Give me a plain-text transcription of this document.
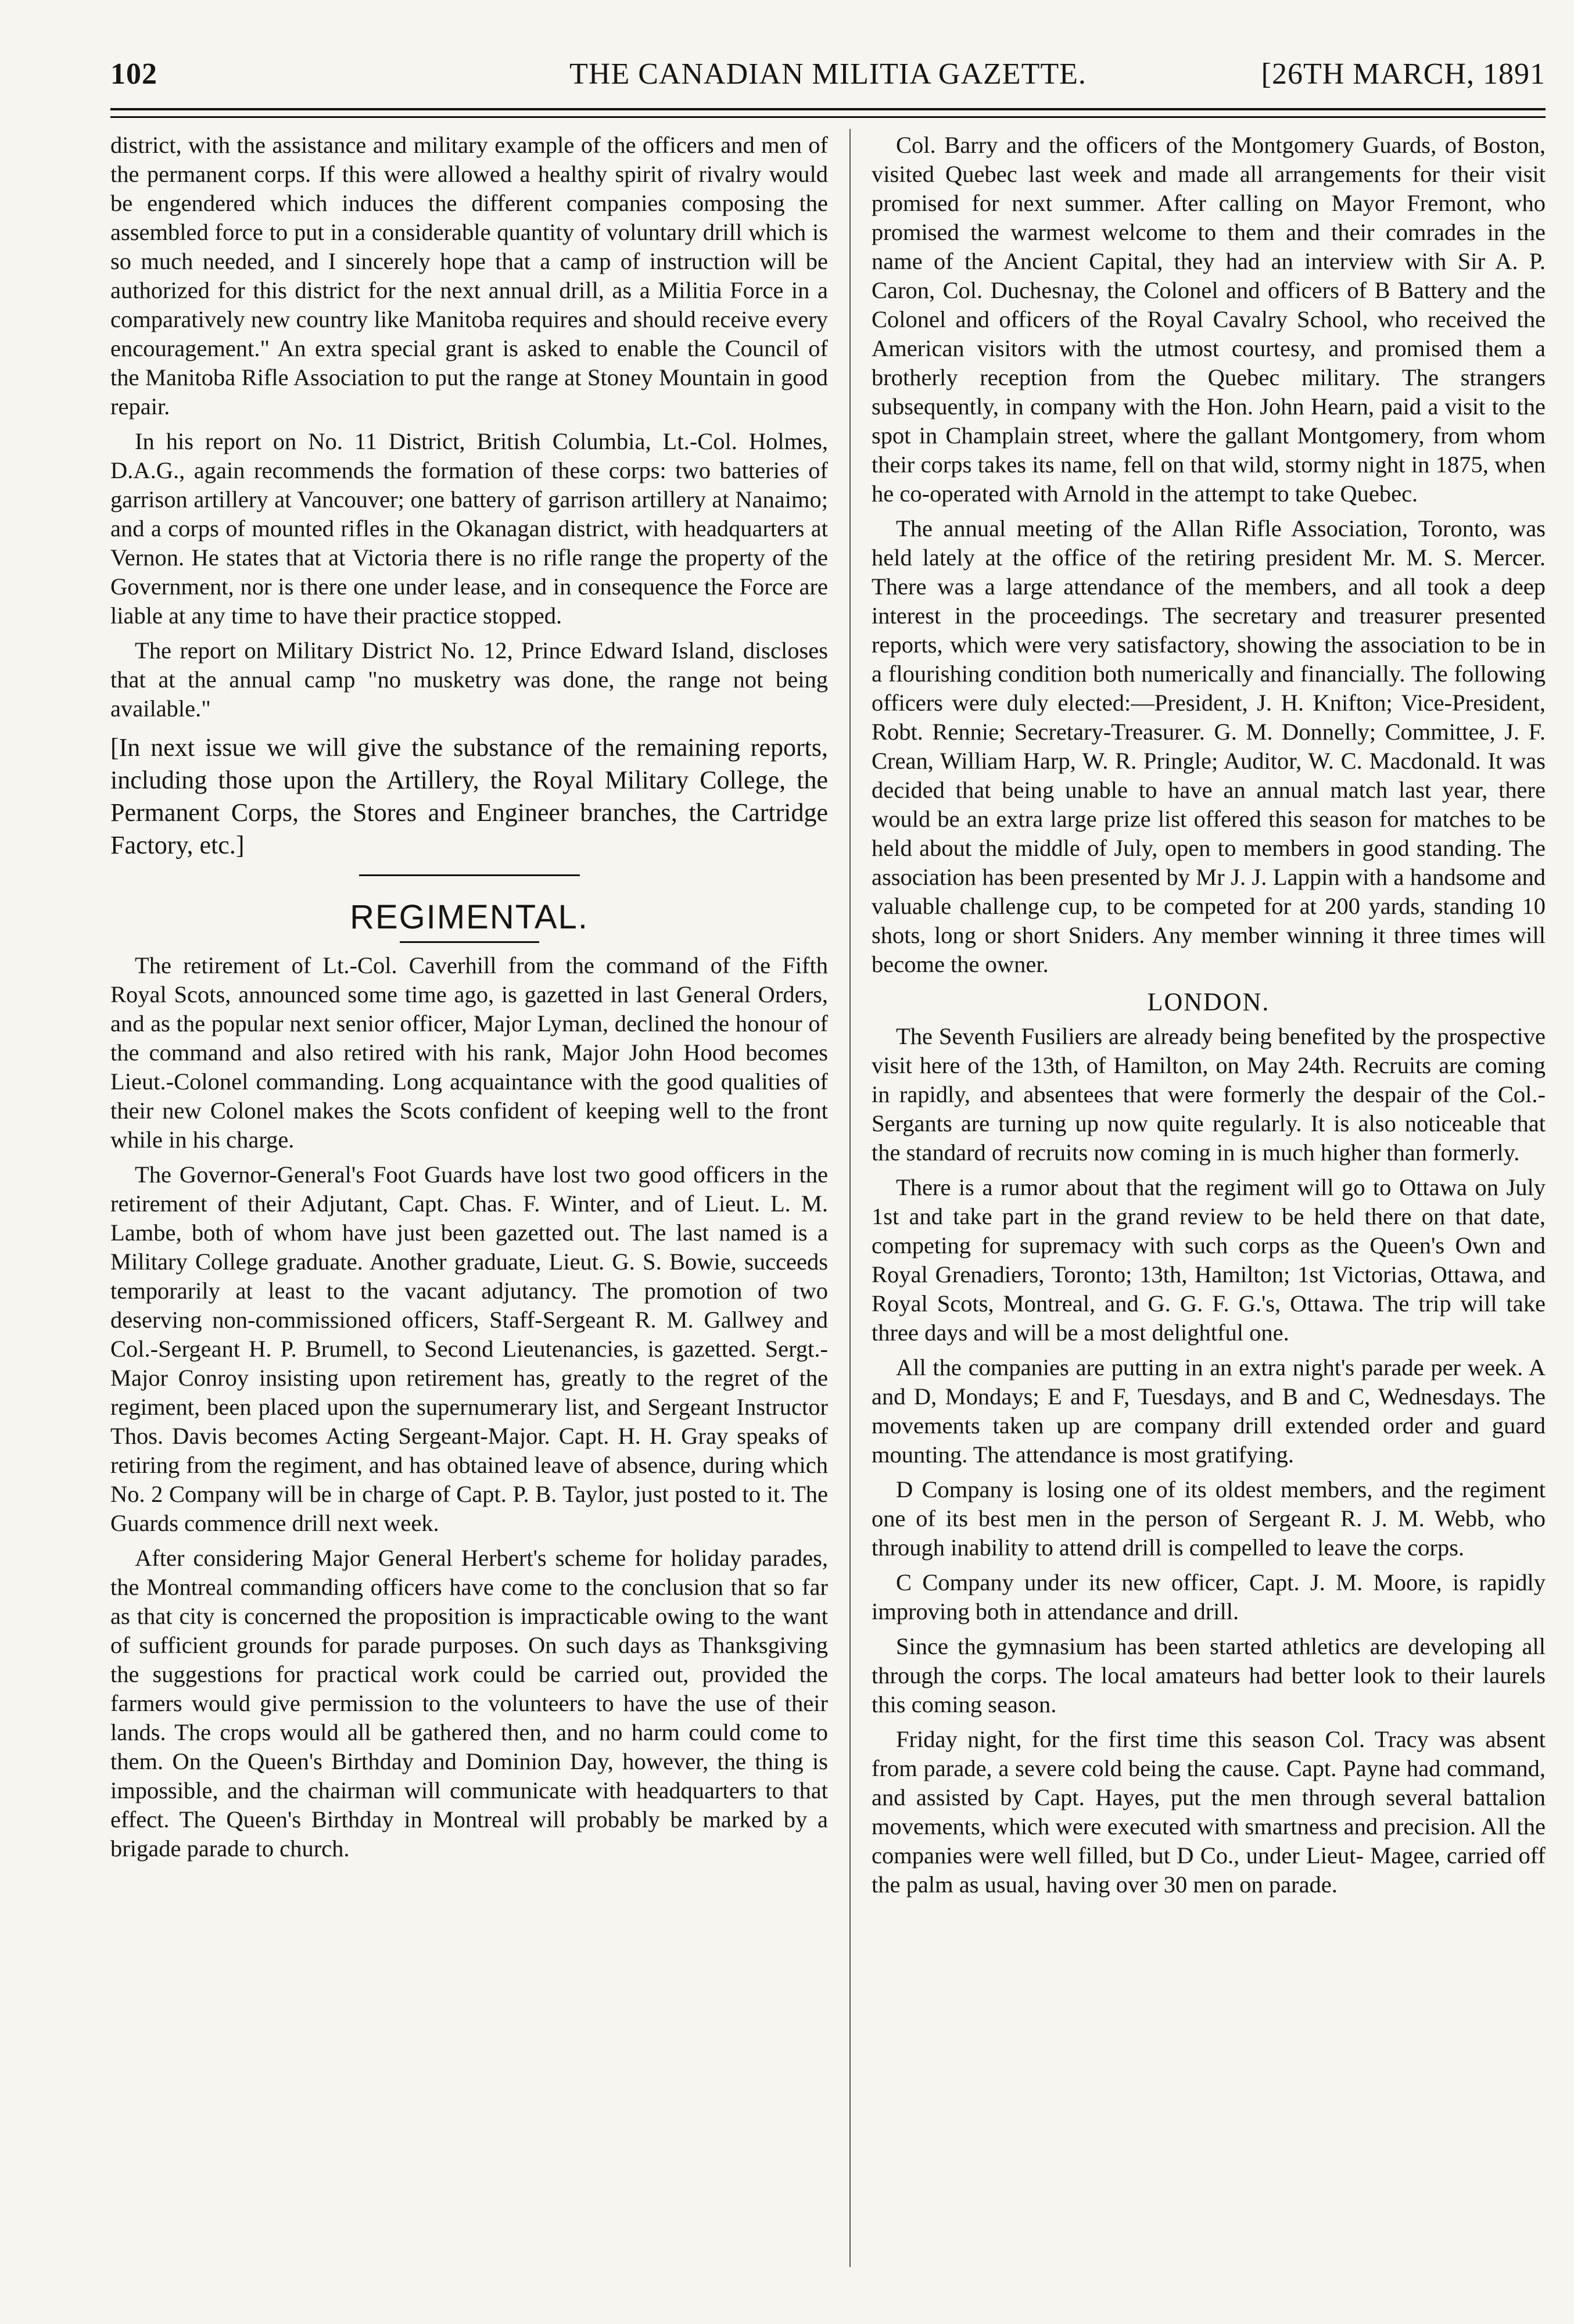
102	THE CANADIAN MILITIA GAZETTE.	[26TH MARCH, 1891

district, with the assistance and military example of the officers and men of the permanent corps. If this were allowed a healthy spirit of rivalry would be engendered which induces the different companies composing the assembled force to put in a considerable quantity of voluntary drill which is so much needed, and I sincerely hope that a camp of instruction will be authorized for this district for the next annual drill, as a Militia Force in a comparatively new country like Manitoba requires and should receive every encouragement." An extra special grant is asked to enable the Council of the Manitoba Rifle Association to put the range at Stoney Mountain in good repair.

In his report on No. 11 District, British Columbia, Lt.-Col. Holmes, D.A.G., again recommends the formation of these corps: two batteries of garrison artillery at Vancouver; one battery of garrison artillery at Nanaimo; and a corps of mounted rifles in the Okanagan district, with headquarters at Vernon. He states that at Victoria there is no rifle range the property of the Government, nor is there one under lease, and in consequence the Force are liable at any time to have their practice stopped.

The report on Military District No. 12, Prince Edward Island, discloses that at the annual camp "no musketry was done, the range not being available."

[In next issue we will give the substance of the remaining reports, including those upon the Artillery, the Royal Military College, the Permanent Corps, the Stores and Engineer branches, the Cartridge Factory, etc.]

REGIMENTAL.

The retirement of Lt.-Col. Caverhill from the command of the Fifth Royal Scots, announced some time ago, is gazetted in last General Orders, and as the popular next senior officer, Major Lyman, declined the honour of the command and also retired with his rank, Major John Hood becomes Lieut.-Colonel commanding. Long acquaintance with the good qualities of their new Colonel makes the Scots confident of keeping well to the front while in his charge.

The Governor-General's Foot Guards have lost two good officers in the retirement of their Adjutant, Capt. Chas. F. Winter, and of Lieut. L. M. Lambe, both of whom have just been gazetted out. The last named is a Military College graduate. Another graduate, Lieut. G. S. Bowie, succeeds temporarily at least to the vacant adjutancy. The promotion of two deserving non-commissioned officers, Staff-Sergeant R. M. Gallwey and Col.-Sergeant H. P. Brumell, to Second Lieutenancies, is gazetted. Sergt.-Major Conroy insisting upon retirement has, greatly to the regret of the regiment, been placed upon the supernumerary list, and Sergeant Instructor Thos. Davis becomes Acting Sergeant-Major. Capt. H. H. Gray speaks of retiring from the regiment, and has obtained leave of absence, during which No. 2 Company will be in charge of Capt. P. B. Taylor, just posted to it. The Guards commence drill next week.

After considering Major General Herbert's scheme for holiday parades, the Montreal commanding officers have come to the conclusion that so far as that city is concerned the proposition is impracticable owing to the want of sufficient grounds for parade purposes. On such days as Thanksgiving the suggestions for practical work could be carried out, provided the farmers would give permission to the volunteers to have the use of their lands. The crops would all be gathered then, and no harm could come to them. On the Queen's Birthday and Dominion Day, however, the thing is impossible, and the chairman will communicate with headquarters to that effect. The Queen's Birthday in Montreal will probably be marked by a brigade parade to church.

Col. Barry and the officers of the Montgomery Guards, of Boston, visited Quebec last week and made all arrangements for their visit promised for next summer. After calling on Mayor Fremont, who promised the warmest welcome to them and their comrades in the name of the Ancient Capital, they had an interview with Sir A. P. Caron, Col. Duchesnay, the Colonel and officers of B Battery and the Colonel and officers of the Royal Cavalry School, who received the American visitors with the utmost courtesy, and promised them a brotherly reception from the Quebec military. The strangers subsequently, in company with the Hon. John Hearn, paid a visit to the spot in Champlain street, where the gallant Montgomery, from whom their corps takes its name, fell on that wild, stormy night in 1875, when he co-operated with Arnold in the attempt to take Quebec.

The annual meeting of the Allan Rifle Association, Toronto, was held lately at the office of the retiring president Mr. M. S. Mercer. There was a large attendance of the members, and all took a deep interest in the proceedings. The secretary and treasurer presented reports, which were very satisfactory, showing the association to be in a flourishing condition both numerically and financially. The following officers were duly elected:—President, J. H. Knifton; Vice-President, Robt. Rennie; Secretary-Treasurer. G. M. Donnelly; Committee, J. F. Crean, William Harp, W. R. Pringle; Auditor, W. C. Macdonald. It was decided that being unable to have an annual match last year, there would be an extra large prize list offered this season for matches to be held about the middle of July, open to members in good standing. The association has been presented by Mr J. J. Lappin with a handsome and valuable challenge cup, to be competed for at 200 yards, standing 10 shots, long or short Sniders. Any member winning it three times will become the owner.

LONDON.

The Seventh Fusiliers are already being benefited by the prospective visit here of the 13th, of Hamilton, on May 24th. Recruits are coming in rapidly, and absentees that were formerly the despair of the Col.-Sergants are turning up now quite regularly. It is also noticeable that the standard of recruits now coming in is much higher than formerly.

There is a rumor about that the regiment will go to Ottawa on July 1st and take part in the grand review to be held there on that date, competing for supremacy with such corps as the Queen's Own and Royal Grenadiers, Toronto; 13th, Hamilton; 1st Victorias, Ottawa, and Royal Scots, Montreal, and G. G. F. G.'s, Ottawa. The trip will take three days and will be a most delightful one.

All the companies are putting in an extra night's parade per week. A and D, Mondays; E and F, Tuesdays, and B and C, Wednesdays. The movements taken up are company drill extended order and guard mounting. The attendance is most gratifying.

D Company is losing one of its oldest members, and the regiment one of its best men in the person of Sergeant R. J. M. Webb, who through inability to attend drill is compelled to leave the corps.

C Company under its new officer, Capt. J. M. Moore, is rapidly improving both in attendance and drill.

Since the gymnasium has been started athletics are developing all through the corps. The local amateurs had better look to their laurels this coming season.

Friday night, for the first time this season Col. Tracy was absent from parade, a severe cold being the cause. Capt. Payne had command, and assisted by Capt. Hayes, put the men through several battalion movements, which were executed with smartness and precision. All the companies were well filled, but D Co., under Lieut- Magee, carried off the palm as usual, having over 30 men on parade.
